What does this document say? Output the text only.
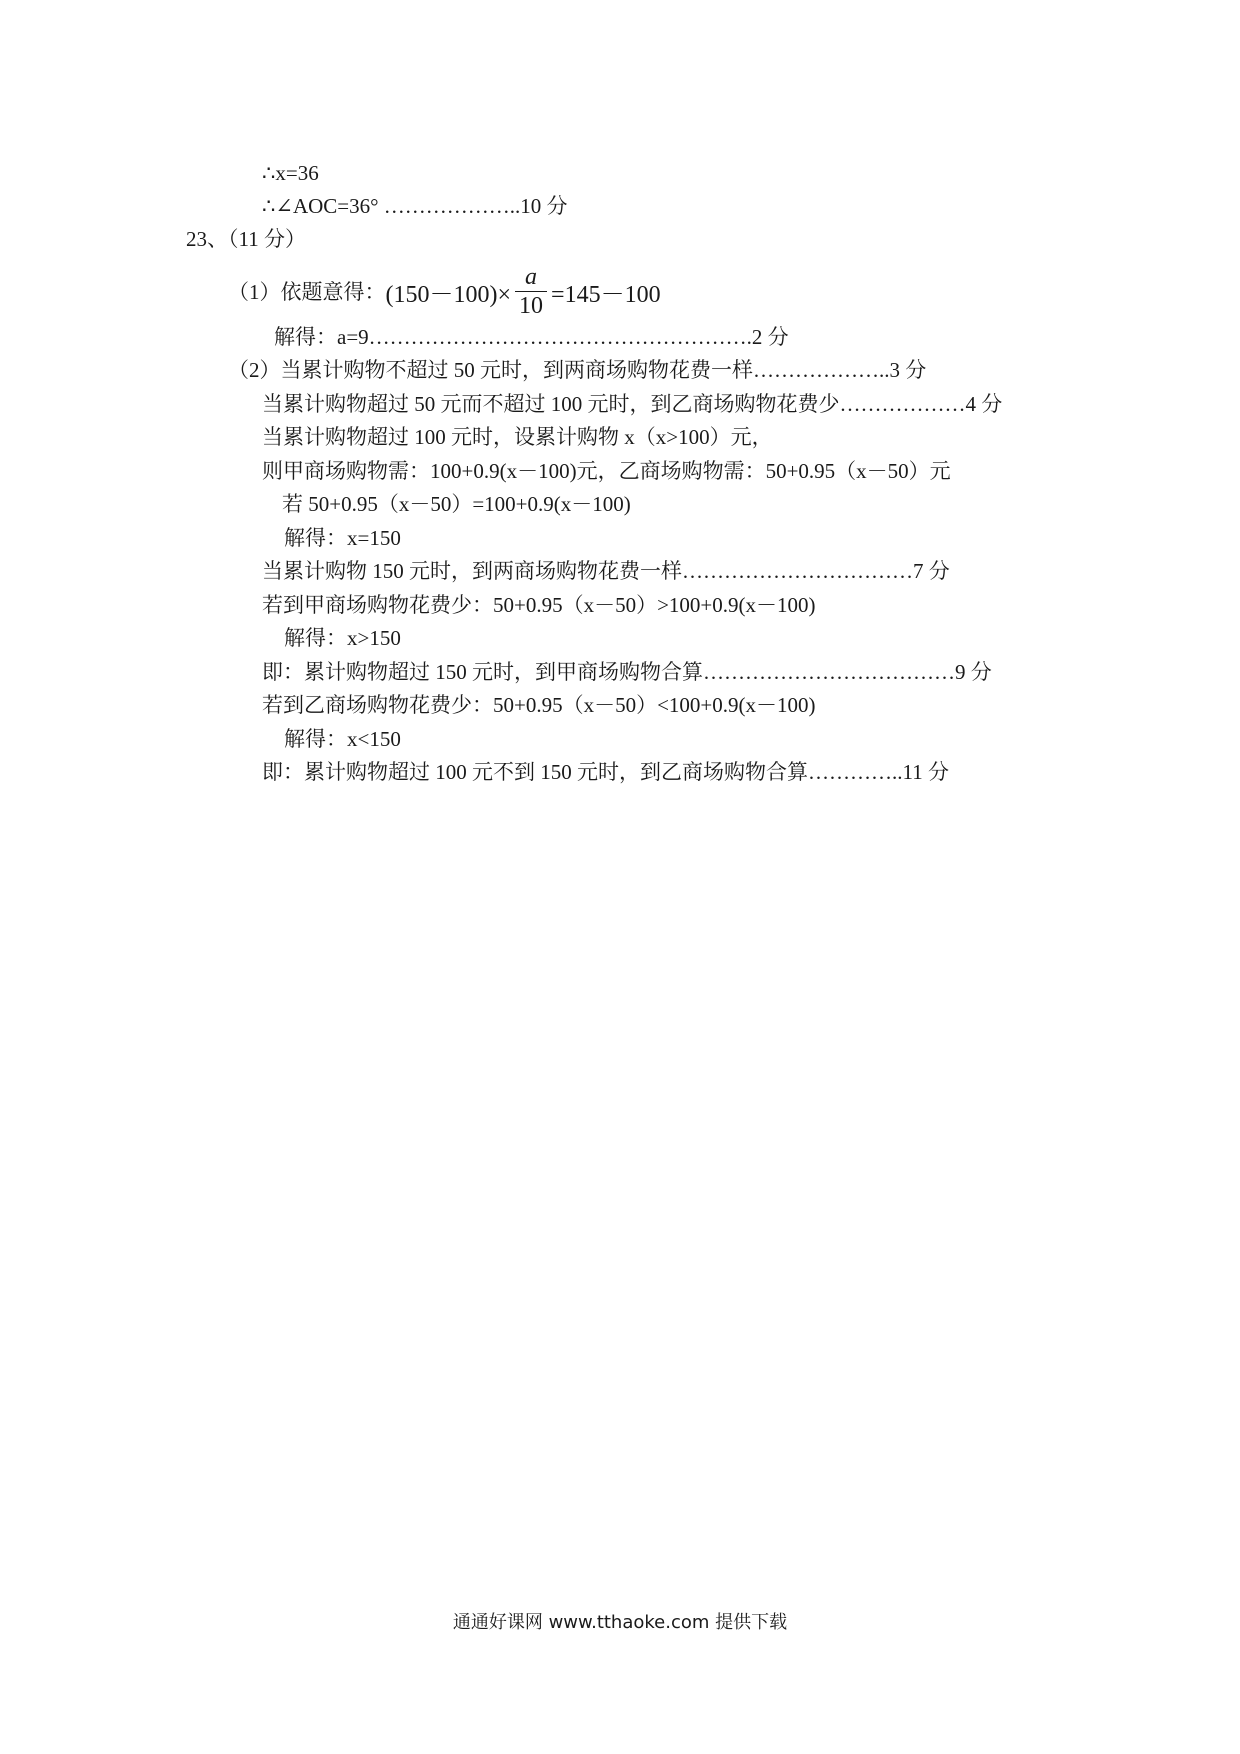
∴x=36
∴∠AOC=36° ………………..10 分
23、（11 分）
（1）依题意得： $(150-100)\times \frac{a}{10} =145-100$
解得：a=9……………………………………………….2 分
（2）当累计购物不超过 50 元时，到两商场购物花费一样………………..3 分
当累计购物超过 50 元而不超过 100 元时，到乙商场购物花费少………………4 分
当累计购物超过 100 元时，设累计购物 x（x>100）元，
则甲商场购物需：100+0.9(x－100)元，乙商场购物需：50+0.95（x－50）元
若 50+0.95（x－50）=100+0.9(x－100)
解得：x=150
当累计购物 150 元时，到两商场购物花费一样……………………………7 分
若到甲商场购物花费少：50+0.95（x－50）>100+0.9(x－100)
解得：x>150
即：累计购物超过 150 元时，到甲商场购物合算………………………………9 分
若到乙商场购物花费少：50+0.95（x－50）<100+0.9(x－100)
解得：x<150
即：累计购物超过 100 元不到 150 元时，到乙商场购物合算…………..11 分
通通好课网 www.tthaoke.com 提供下载
